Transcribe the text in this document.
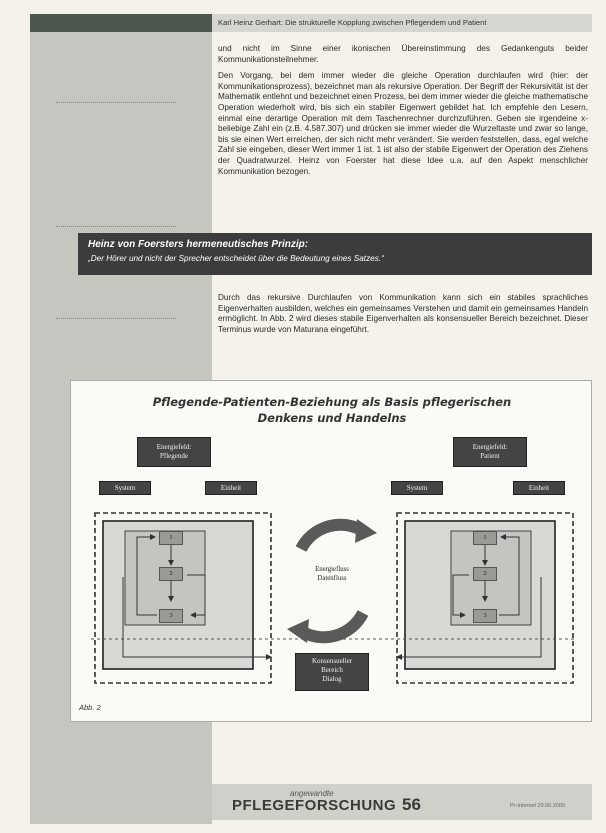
Karl Heinz Gerhart: Die strukturelle Kopplung zwischen Pflegendem und Patient

und nicht im Sinne einer ikonischen Übereinstimmung des Gedankenguts beider Kommunikationsteilnehmer.

Den Vorgang, bei dem immer wieder die gleiche Operation durchlaufen wird (hier: der Kommunikationsprozess), bezeichnet man als rekursive Operation. Der Begriff der Rekursivität ist der Mathematik entlehnt und bezeichnet einen Prozess, bei dem immer wieder die gleiche mathematische Operation wiederholt wird, bis sich ein stabiler Eigenwert gebildet hat. Ich empfehle den Lesern, einmal eine derartige Operation mit dem Taschenrechner durchzuführen. Geben sie irgendeine x-beliebige Zahl ein (z.B. 4.587.307) und drücken sie immer wieder die Wurzeltaste und zwar so lange, bis sie einen Wert erreichen, der sich nicht mehr verändert. Sie werden feststellen, dass, egal welche Zahl sie eingeben, dieser Wert immer 1 ist. 1 ist also der stabile Eigenwert der Operation des Ziehens der Quadratwurzel. Heinz von Foerster hat diese Idee u.a. auf den Aspekt menschlicher Kommunikation bezogen.

Heinz von Foersters hermeneutisches Prinzip:
„Der Hörer und nicht der Sprecher entscheidet über die Bedeutung eines Satzes.“

Durch das rekursive Durchlaufen von Kommunikation kann sich ein stabiles sprachliches Eigenverhalten ausbilden, welches ein gemeinsames Verstehen und damit ein gemeinsames Handeln ermöglicht. In Abb. 2 wird dieses stabile Eigenverhalten als konsensueller Bereich bezeichnet. Dieser Terminus wurde von Maturana eingeführt.

Pflegende-Patienten-Beziehung als Basis pflegerischen
Denkens und Handelns
Energiefeld:
Pflegende
Energiefeld:
Patient
System	Einheit	System	Einheit
1
2
3
1
2
3
Energiefluss
Datenfluss
Konsensueller
Bereich
Dialog
Abb. 2
angewandte
PFLEGEFORSCHUNG 56	Pr-Internet 29.06.2000
